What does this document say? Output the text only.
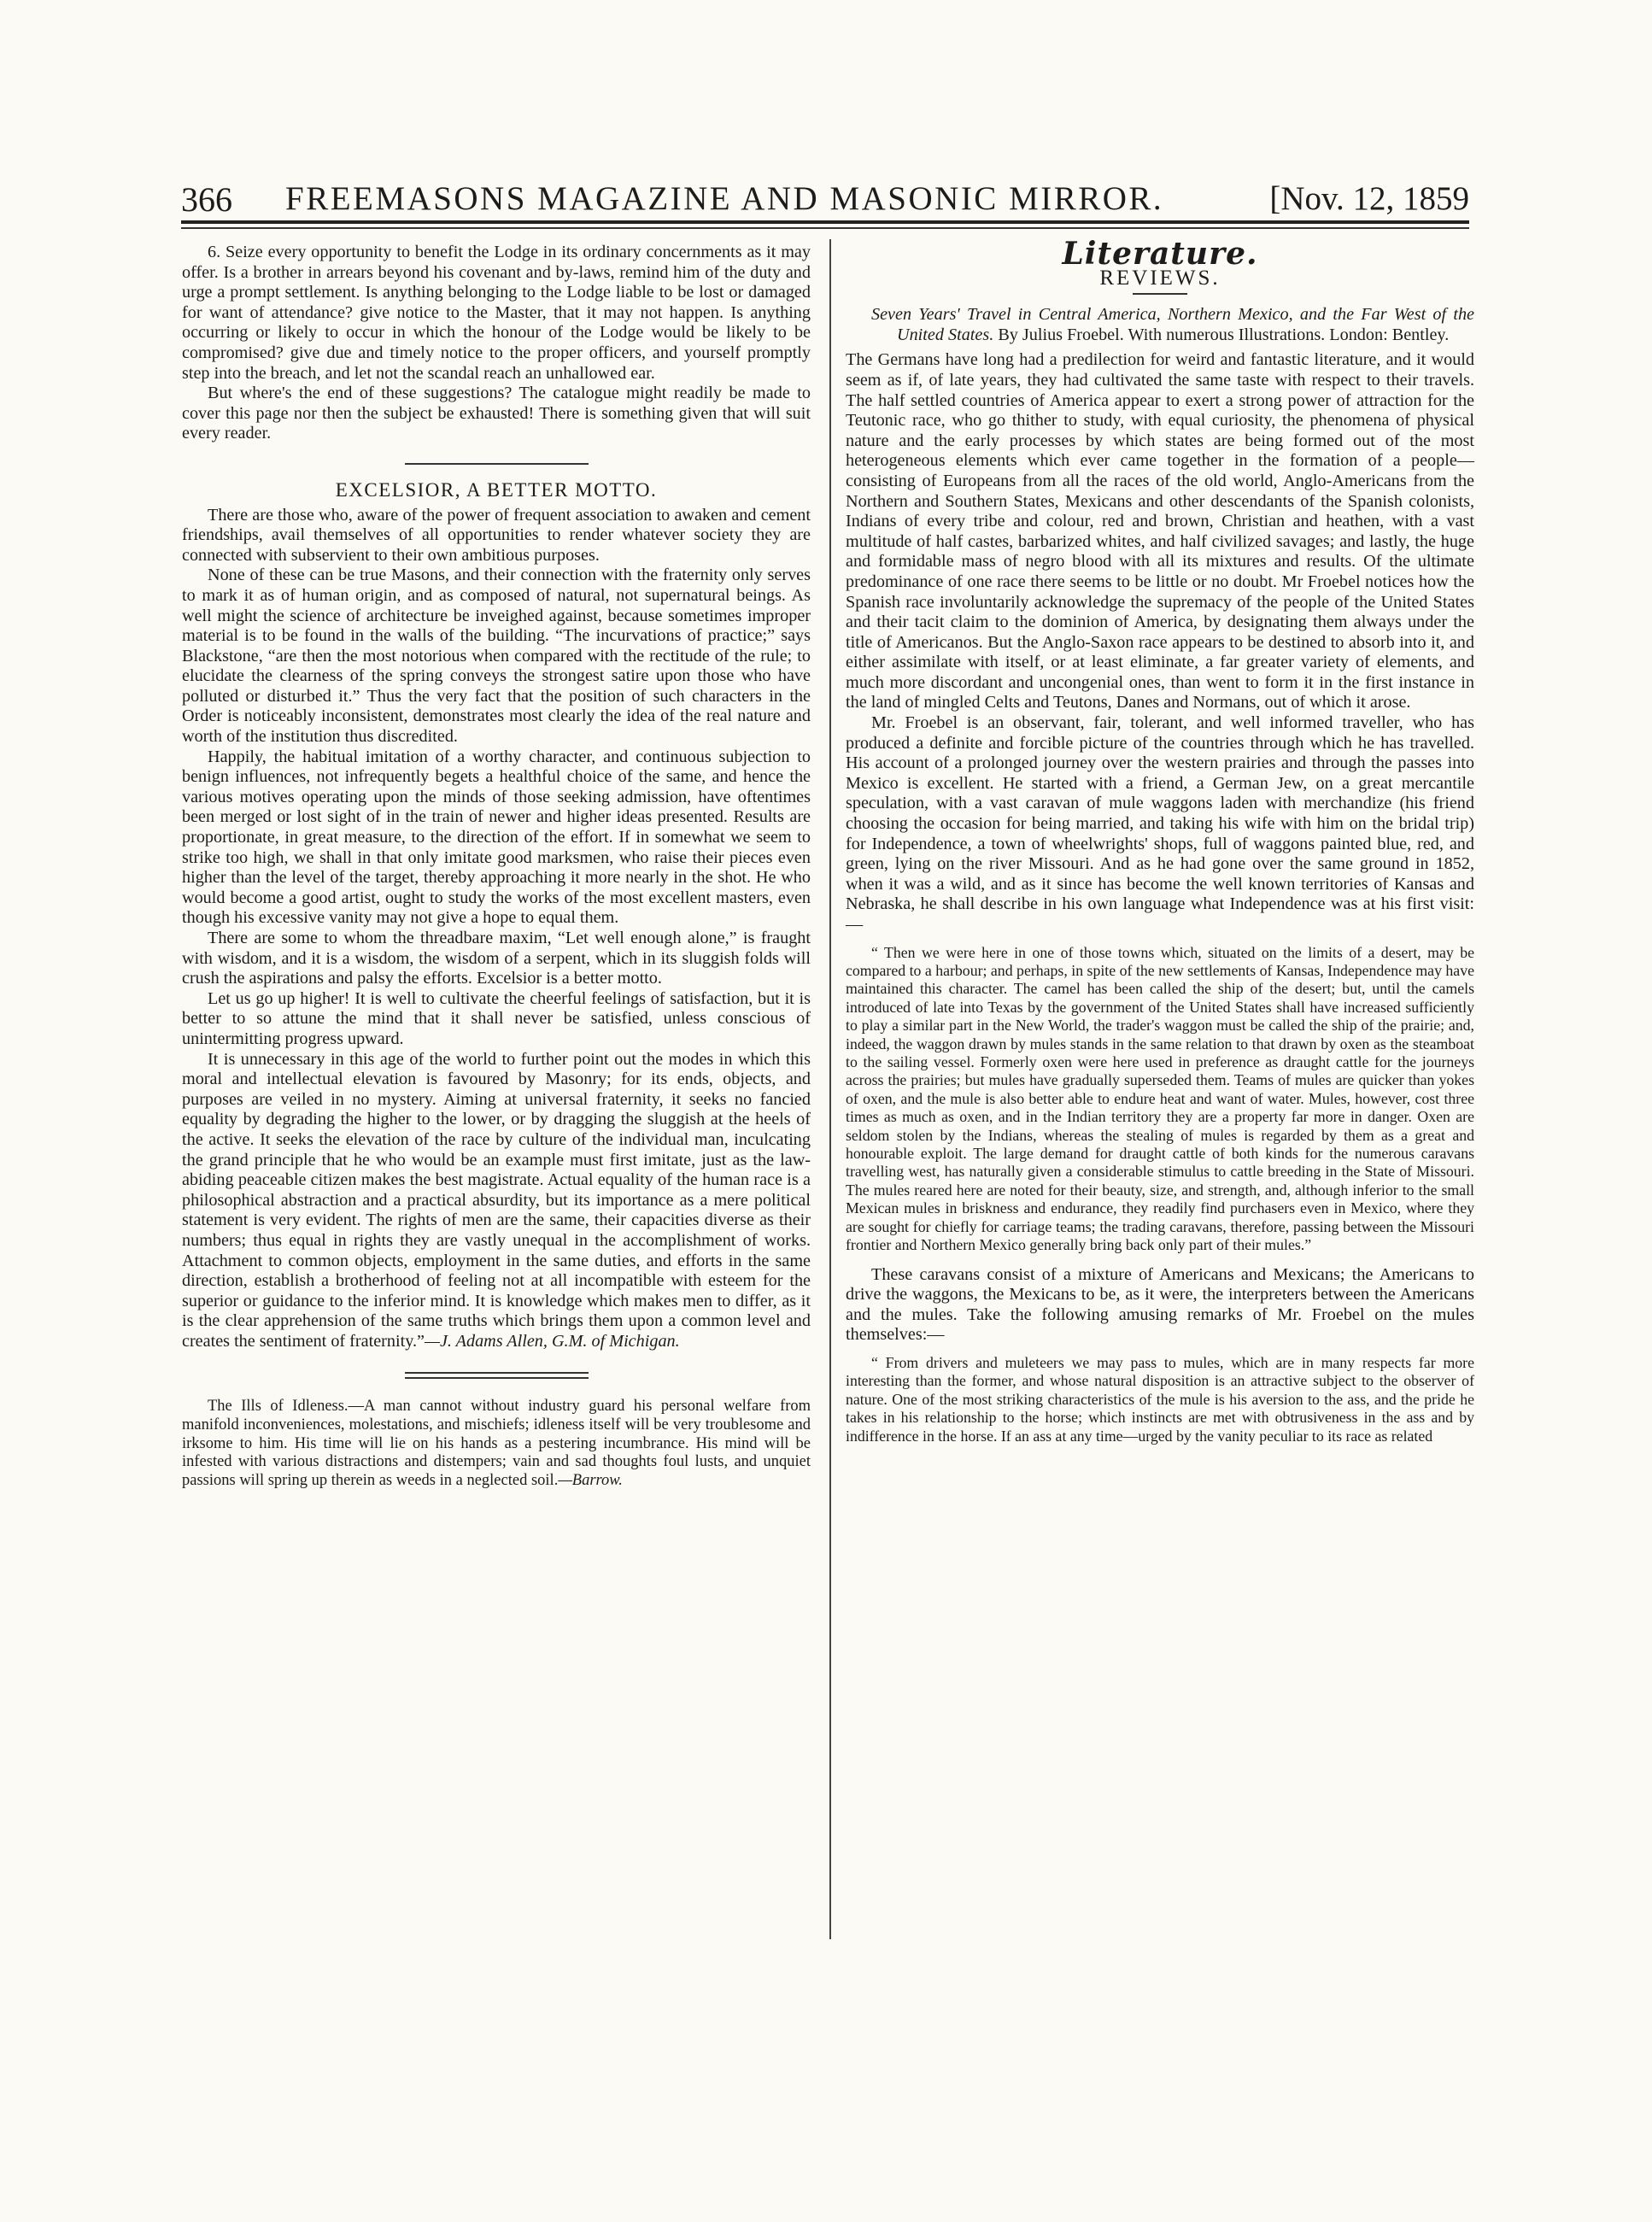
366 FREEMASONS MAGAZINE AND MASONIC MIRROR.	[Nov. 12, 1859

6. Seize every opportunity to benefit the Lodge in its ordinary concernments as it may offer. Is a brother in arrears beyond his covenant and by-laws, remind him of the duty and urge a prompt settlement. Is anything belonging to the Lodge liable to be lost or damaged for want of attendance? give notice to the Master, that it may not happen. Is anything occurring or likely to occur in which the honour of the Lodge would be likely to be compromised? give due and timely notice to the proper officers, and yourself promptly step into the breach, and let not the scandal reach an unhallowed ear.

But where's the end of these suggestions? The catalogue might readily be made to cover this page nor then the subject be exhausted! There is something given that will suit every reader.

EXCELSIOR, A BETTER MOTTO.

There are those who, aware of the power of frequent association to awaken and cement friendships, avail themselves of all opportunities to render whatever society they are connected with subservient to their own ambitious purposes.

None of these can be true Masons, and their connection with the fraternity only serves to mark it as of human origin, and as composed of natural, not supernatural beings. As well might the science of architecture be inveighed against, because sometimes improper material is to be found in the walls of the building. “The incurvations of practice;” says Blackstone, “are then the most notorious when compared with the rectitude of the rule; to elucidate the clearness of the spring conveys the strongest satire upon those who have polluted or disturbed it.” Thus the very fact that the position of such characters in the Order is noticeably inconsistent, demonstrates most clearly the idea of the real nature and worth of the institution thus discredited.

Happily, the habitual imitation of a worthy character, and continuous subjection to benign influences, not infrequently begets a healthful choice of the same, and hence the various motives operating upon the minds of those seeking admission, have oftentimes been merged or lost sight of in the train of newer and higher ideas presented. Results are proportionate, in great measure, to the direction of the effort. If in somewhat we seem to strike too high, we shall in that only imitate good marksmen, who raise their pieces even higher than the level of the target, thereby approaching it more nearly in the shot. He who would become a good artist, ought to study the works of the most excellent masters, even though his excessive vanity may not give a hope to equal them.

There are some to whom the threadbare maxim, “Let well enough alone,” is fraught with wisdom, and it is a wisdom, the wisdom of a serpent, which in its sluggish folds will crush the aspirations and palsy the efforts. Excelsior is a better motto.

Let us go up higher! It is well to cultivate the cheerful feelings of satisfaction, but it is better to so attune the mind that it shall never be satisfied, unless conscious of unintermitting progress upward.

It is unnecessary in this age of the world to further point out the modes in which this moral and intellectual elevation is favoured by Masonry; for its ends, objects, and purposes are veiled in no mystery. Aiming at universal fraternity, it seeks no fancied equality by degrading the higher to the lower, or by dragging the sluggish at the heels of the active. It seeks the elevation of the race by culture of the individual man, inculcating the grand principle that he who would be an example must first imitate, just as the law-abiding peaceable citizen makes the best magistrate. Actual equality of the human race is a philosophical abstraction and a practical absurdity, but its importance as a mere political statement is very evident. The rights of men are the same, their capacities diverse as their numbers; thus equal in rights they are vastly unequal in the accomplishment of works. Attachment to common objects, employment in the same duties, and efforts in the same direction, establish a brotherhood of feeling not at all incompatible with esteem for the superior or guidance to the inferior mind. It is knowledge which makes men to differ, as it is the clear apprehension of the same truths which brings them upon a common level and creates the sentiment of fraternity.”—J. Adams Allen, G.M. of Michigan.

The Ills of Idleness.—A man cannot without industry guard his personal welfare from manifold inconveniences, molestations, and mischiefs; idleness itself will be very troublesome and irksome to him. His time will lie on his hands as a pestering incumbrance. His mind will be infested with various distractions and distempers; vain and sad thoughts foul lusts, and unquiet passions will spring up therein as weeds in a neglected soil.—Barrow.

Literature.
REVIEWS.

Seven Years' Travel in Central America, Northern Mexico, and the Far West of the United States. By Julius Froebel. With numerous Illustrations. London: Bentley.

The Germans have long had a predilection for weird and fantastic literature, and it would seem as if, of late years, they had cultivated the same taste with respect to their travels. The half settled countries of America appear to exert a strong power of attraction for the Teutonic race, who go thither to study, with equal curiosity, the phenomena of physical nature and the early processes by which states are being formed out of the most heterogeneous elements which ever came together in the formation of a people—consisting of Europeans from all the races of the old world, Anglo-Americans from the Northern and Southern States, Mexicans and other descendants of the Spanish colonists, Indians of every tribe and colour, red and brown, Christian and heathen, with a vast multitude of half castes, barbarized whites, and half civilized savages; and lastly, the huge and formidable mass of negro blood with all its mixtures and results. Of the ultimate predominance of one race there seems to be little or no doubt. Mr Froebel notices how the Spanish race involuntarily acknowledge the supremacy of the people of the United States and their tacit claim to the dominion of America, by designating them always under the title of Americanos. But the Anglo-Saxon race appears to be destined to absorb into it, and either assimilate with itself, or at least eliminate, a far greater variety of elements, and much more discordant and uncongenial ones, than went to form it in the first instance in the land of mingled Celts and Teutons, Danes and Normans, out of which it arose.

Mr. Froebel is an observant, fair, tolerant, and well informed traveller, who has produced a definite and forcible picture of the countries through which he has travelled. His account of a prolonged journey over the western prairies and through the passes into Mexico is excellent. He started with a friend, a German Jew, on a great mercantile speculation, with a vast caravan of mule waggons laden with merchandize (his friend choosing the occasion for being married, and taking his wife with him on the bridal trip) for Independence, a town of wheelwrights' shops, full of waggons painted blue, red, and green, lying on the river Missouri. And as he had gone over the same ground in 1852, when it was a wild, and as it since has become the well known territories of Kansas and Nebraska, he shall describe in his own language what Independence was at his first visit:—

“ Then we were here in one of those towns which, situated on the limits of a desert, may be compared to a harbour; and perhaps, in spite of the new settlements of Kansas, Independence may have maintained this character. The camel has been called the ship of the desert; but, until the camels introduced of late into Texas by the government of the United States shall have increased sufficiently to play a similar part in the New World, the trader's waggon must be called the ship of the prairie; and, indeed, the waggon drawn by mules stands in the same relation to that drawn by oxen as the steamboat to the sailing vessel. Formerly oxen were here used in preference as draught cattle for the journeys across the prairies; but mules have gradually superseded them. Teams of mules are quicker than yokes of oxen, and the mule is also better able to endure heat and want of water. Mules, however, cost three times as much as oxen, and in the Indian territory they are a property far more in danger. Oxen are seldom stolen by the Indians, whereas the stealing of mules is regarded by them as a great and honourable exploit. The large demand for draught cattle of both kinds for the numerous caravans travelling west, has naturally given a considerable stimulus to cattle breeding in the State of Missouri. The mules reared here are noted for their beauty, size, and strength, and, although inferior to the small Mexican mules in briskness and endurance, they readily find purchasers even in Mexico, where they are sought for chiefly for carriage teams; the trading caravans, therefore, passing between the Missouri frontier and Northern Mexico generally bring back only part of their mules.”

These caravans consist of a mixture of Americans and Mexicans; the Americans to drive the waggons, the Mexicans to be, as it were, the interpreters between the Americans and the mules. Take the following amusing remarks of Mr. Froebel on the mules themselves:—

“ From drivers and muleteers we may pass to mules, which are in many respects far more interesting than the former, and whose natural disposition is an attractive subject to the observer of nature. One of the most striking characteristics of the mule is his aversion to the ass, and the pride he takes in his relationship to the horse; which instincts are met with obtrusiveness in the ass and by indifference in the horse. If an ass at any time—urged by the vanity peculiar to its race as related
